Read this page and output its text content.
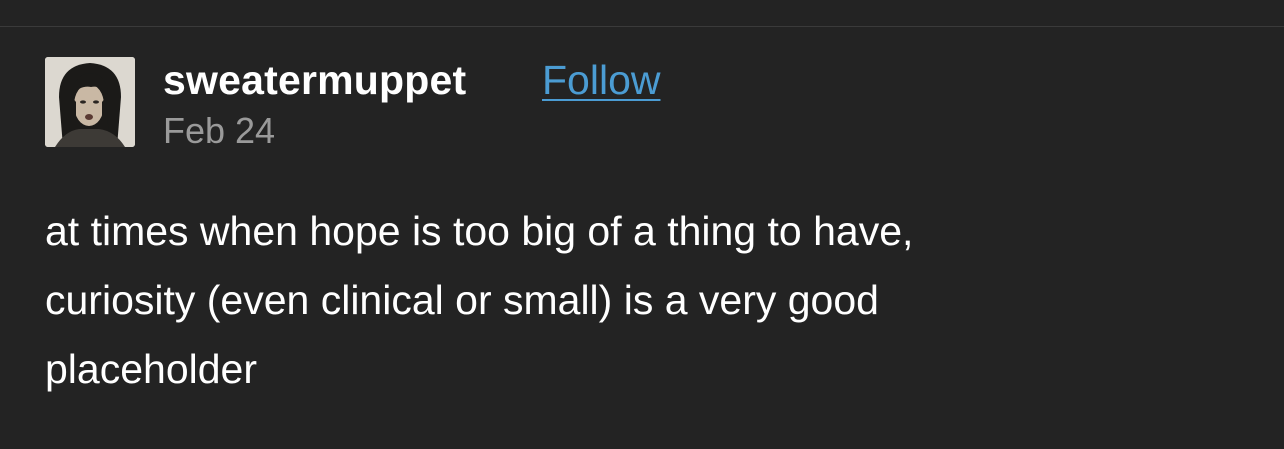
sweatermuppet Follow
Feb 24

at times when hope is too big of a thing to have,
curiosity (even clinical or small) is a very good
placeholder
